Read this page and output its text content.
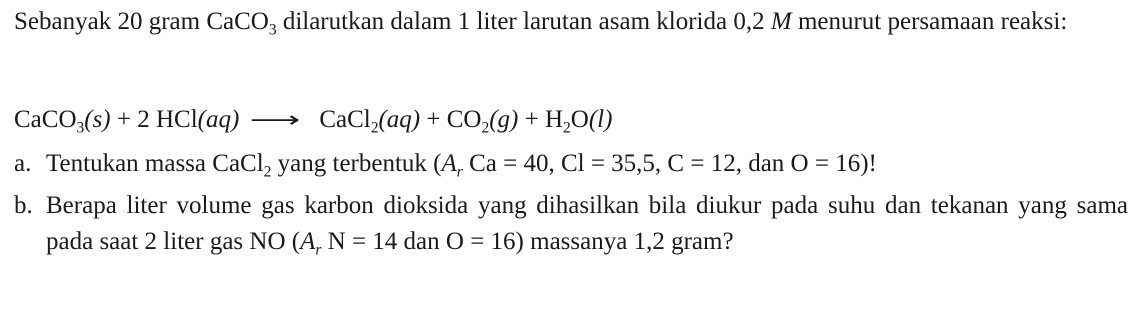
Sebanyak 20 gram CaCO$_3$ dilarutkan dalam 1 liter larutan asam klorida 0,2 M menurut persamaan reaksi:

CaCO$_3$(s) + 2 HCl(aq) ⟶ CaCl$_2$(aq) + $CO_2(g) + H_2O(l)$
a. Tentukan massa CaCl$_2$ yang terbentuk ($A_r$ Ca = 40, Cl = 35,5, C = 12, dan O = 16)!
b. Berapa liter volume gas karbon dioksida yang dihasilkan bila diukur pada suhu dan tekanan yang sama pada saat 2 liter gas NO ($A_r$ N = 14 dan O = 16) massanya 1,2 gram?
